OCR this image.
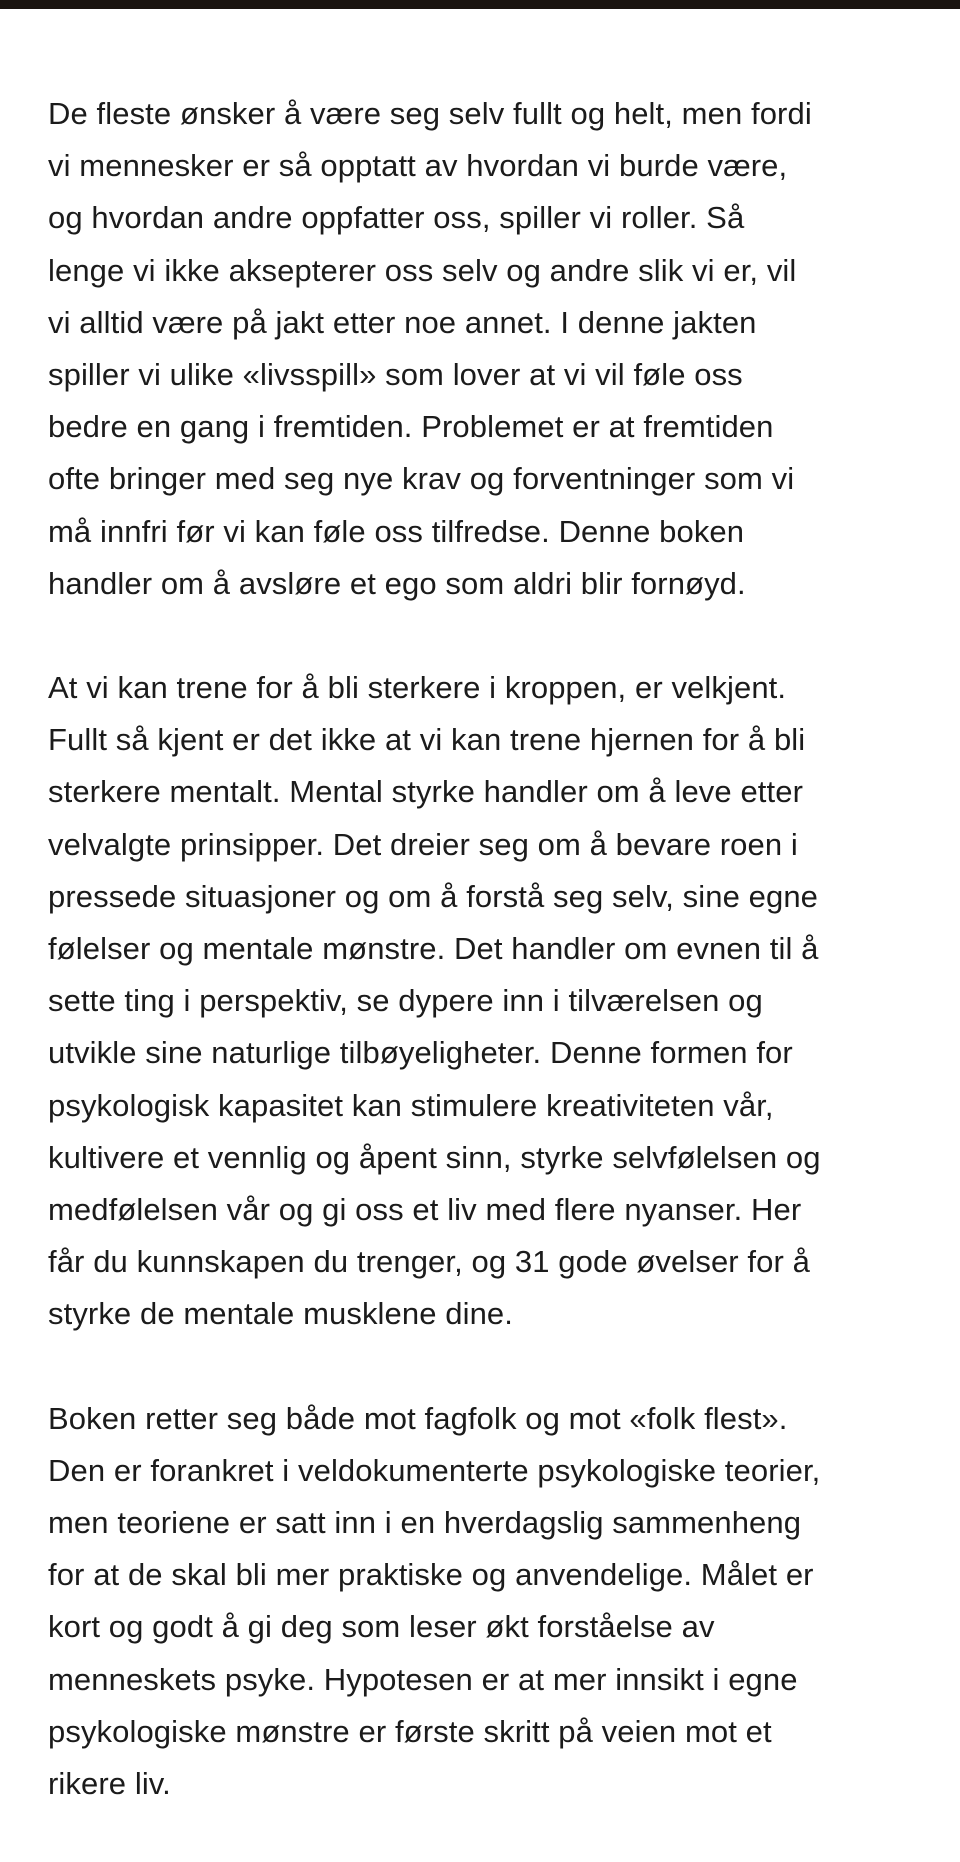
De fleste ønsker å være seg selv fullt og helt, men fordi
vi mennesker er så opptatt av hvordan vi burde være,
og hvordan andre oppfatter oss, spiller vi roller. Så
lenge vi ikke aksepterer oss selv og andre slik vi er, vil
vi alltid være på jakt etter noe annet. I denne jakten
spiller vi ulike «livsspill» som lover at vi vil føle oss
bedre en gang i fremtiden. Problemet er at fremtiden
ofte bringer med seg nye krav og forventninger som vi
må innfri før vi kan føle oss tilfredse. Denne boken
handler om å avsløre et ego som aldri blir fornøyd.

At vi kan trene for å bli sterkere i kroppen, er velkjent.
Fullt så kjent er det ikke at vi kan trene hjernen for å bli
sterkere mentalt. Mental styrke handler om å leve etter
velvalgte prinsipper. Det dreier seg om å bevare roen i
pressede situasjoner og om å forstå seg selv, sine egne
følelser og mentale mønstre. Det handler om evnen til å
sette ting i perspektiv, se dypere inn i tilværelsen og
utvikle sine naturlige tilbøyeligheter. Denne formen for
psykologisk kapasitet kan stimulere kreativiteten vår,
kultivere et vennlig og åpent sinn, styrke selvfølelsen og
medfølelsen vår og gi oss et liv med flere nyanser. Her
får du kunnskapen du trenger, og 31 gode øvelser for å
styrke de mentale musklene dine.

Boken retter seg både mot fagfolk og mot «folk flest».
Den er forankret i veldokumenterte psykologiske teorier,
men teoriene er satt inn i en hverdagslig sammenheng
for at de skal bli mer praktiske og anvendelige. Målet er
kort og godt å gi deg som leser økt forståelse av
menneskets psyke. Hypotesen er at mer innsikt i egne
psykologiske mønstre er første skritt på veien mot et
rikere liv.
